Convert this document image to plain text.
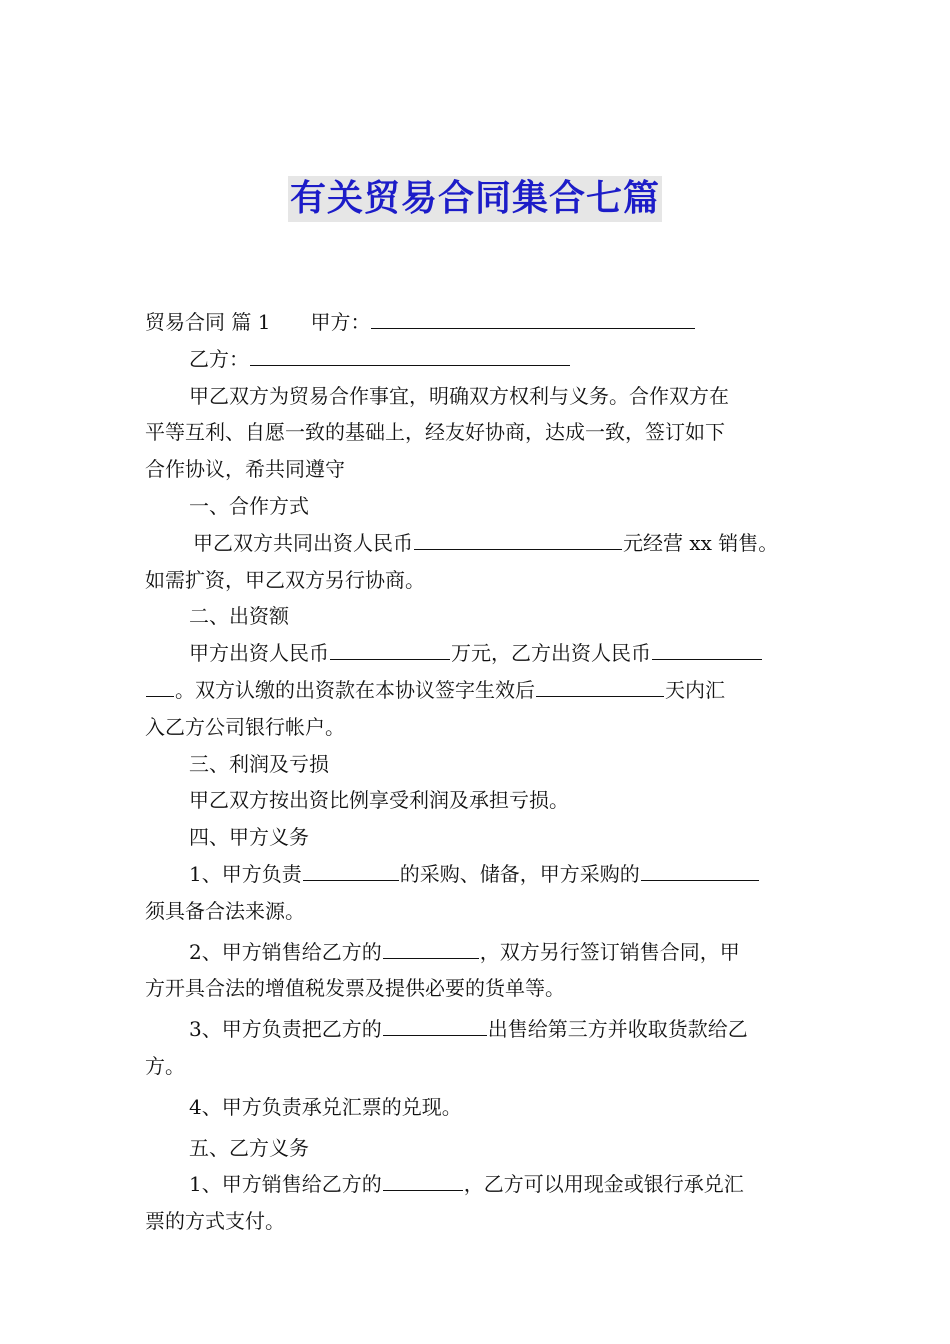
有关贸易合同集合七篇
贸易合同 篇 1 甲方：
乙方：
甲乙双方为贸易合作事宜，明确双方权利与义务。合作双方在
平等互利、自愿一致的基础上，经友好协商，达成一致，签订如下
合作协议，希共同遵守
一、合作方式
甲乙双方共同出资人民币	元经营 xx 销售。
如需扩资，甲乙双方另行协商。
二、出资额
甲方出资人民币	万元，乙方出资人民币
。双方认缴的出资款在本协议签字生效后	天内汇
入乙方公司银行帐户。
三、利润及亏损
甲乙双方按出资比例享受利润及承担亏损。
四、甲方义务
1、甲方负责	的采购、储备，甲方采购的
须具备合法来源。
2、甲方销售给乙方的	，双方另行签订销售合同，甲
方开具合法的增值税发票及提供必要的货单等。
3、甲方负责把乙方的	出售给第三方并收取货款给乙
方。
4、甲方负责承兑汇票的兑现。
五、乙方义务
1、甲方销售给乙方的	，乙方可以用现金或银行承兑汇
票的方式支付。
